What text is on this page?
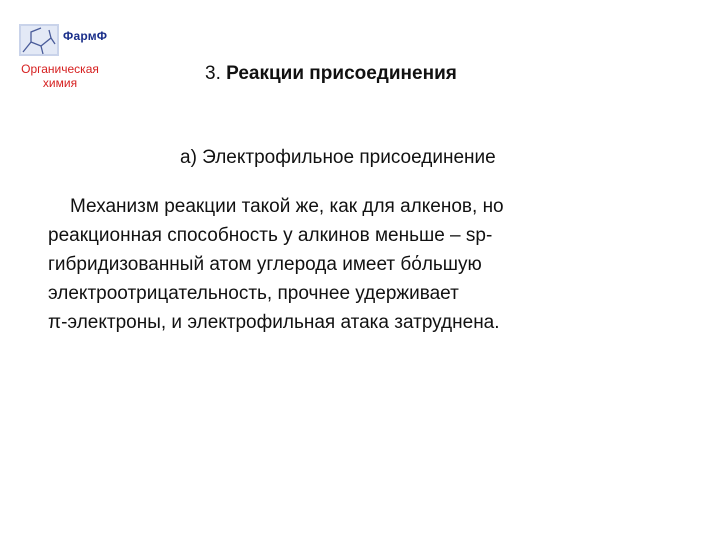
ФармФ
Органическая
химия	3. Реакции присоединения
а) Электрофильное присоединение
Механизм реакции такой же, как для алкенов, но
реакционная способность у алкинов меньше – sp-
гибридизованный атом углерода имеет бόльшую
электроотрицательность, прочнее удерживает
π-электроны, и электрофильная атака затруднена.
